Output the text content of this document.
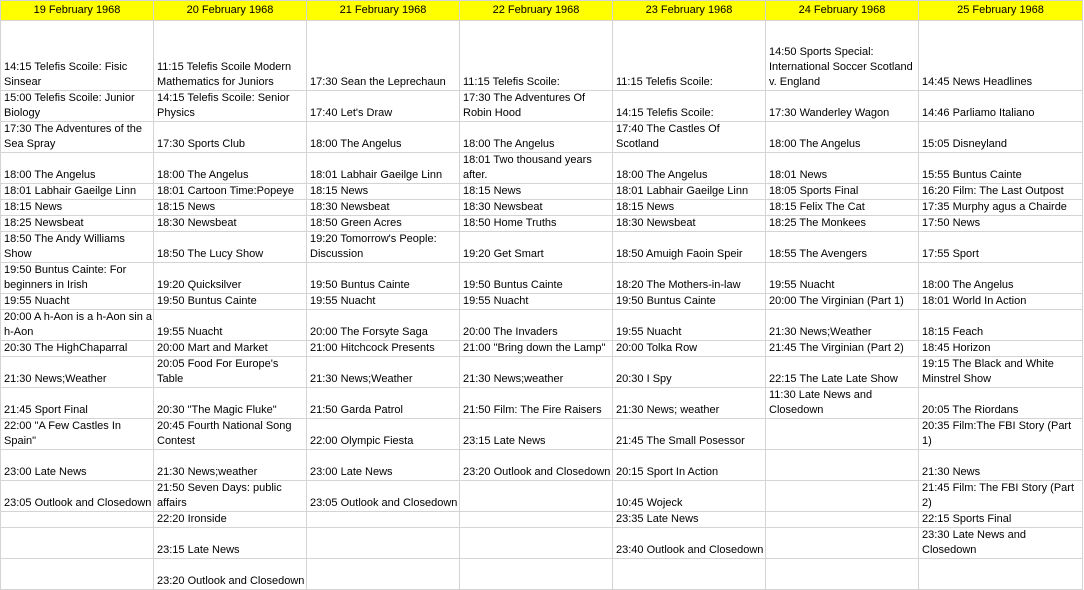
19 February 1968	20 February 1968	21 February 1968	22 February 1968	23 February 1968	24 February 1968	25 February 1968
14:15 Telefis Scoile: Fisic Sinsear	11:15 Telefis Scoile Modern Mathematics for Juniors	17:30 Sean the Leprechaun	11:15 Telefis Scoile:	11:15 Telefis Scoile:	14:50 Sports Special: International Soccer Scotland v. England	14:45 News Headlines
15:00 Telefis Scoile: Junior Biology	14:15 Telefis Scoile: Senior Physics	17:40 Let's Draw	17:30 The Adventures Of Robin Hood	14:15 Telefis Scoile:	17:30 Wanderley Wagon	14:46 Parliamo Italiano
17:30 The Adventures of the Sea Spray	17:30 Sports Club	18:00 The Angelus	18:00 The Angelus	17:40 The Castles Of Scotland	18:00 The Angelus	15:05 Disneyland
18:00 The Angelus	18:00 The Angelus	18:01 Labhair Gaeilge Linn	18:01 Two thousand years after.	18:00 The Angelus	18:01 News	15:55 Buntus Cainte
18:01 Labhair Gaeilge Linn	18:01 Cartoon Time:Popeye	18:15 News	18:15 News	18:01 Labhair Gaeilge Linn	18:05 Sports Final	16:20 Film: The Last Outpost
18:15 News	18:15 News	18:30 Newsbeat	18:30 Newsbeat	18:15 News	18:15 Felix The Cat	17:35 Murphy agus a Chairde
18:25 Newsbeat	18:30 Newsbeat	18:50 Green Acres	18:50 Home Truths	18:30 Newsbeat	18:25 The Monkees	17:50 News
18:50 The Andy Williams Show	18:50 The Lucy Show	19:20 Tomorrow's People: Discussion	19:20 Get Smart	18:50 Amuigh Faoin Speir	18:55 The Avengers	17:55 Sport
19:50 Buntus Cainte: For beginners in Irish	19:20 Quicksilver	19:50 Buntus Cainte	19:50 Buntus Cainte	18:20 The Mothers-in-law	19:55 Nuacht	18:00 The Angelus
19:55 Nuacht	19:50 Buntus Cainte	19:55 Nuacht	19:55 Nuacht	19:50 Buntus Cainte	20:00 The Virginian (Part 1)	18:01 World In Action
20:00 A h-Aon is a h-Aon sin a h-Aon	19:55 Nuacht	20:00 The Forsyte Saga	20:00 The Invaders	19:55 Nuacht	21:30 News;Weather	18:15 Feach
20:30 The HighChaparral	20:00 Mart and Market	21:00 Hitchcock Presents	21:00 "Bring down the Lamp"	20:00 Tolka Row	21:45 The Virginian (Part 2)	18:45 Horizon
21:30 News;Weather	20:05 Food For Europe's Table	21:30 News;Weather	21:30 News;weather	20:30 I Spy	22:15 The Late Late Show	19:15 The Black and White Minstrel Show
21:45 Sport Final	20:30 "The Magic Fluke"	21:50 Garda Patrol	21:50 Film: The Fire Raisers	21:30 News; weather	11:30 Late News and Closedown	20:05 The Riordans
22:00 "A Few Castles In Spain"	20:45 Fourth National Song Contest	22:00 Olympic Fiesta	23:15 Late News	21:45 The Small Posessor		20:35 Film:The FBI Story (Part 1)
23:00 Late News	21:30 News;weather	23:00 Late News	23:20 Outlook and Closedown	20:15 Sport In Action		21:30 News
23:05 Outlook and Closedown	21:50 Seven Days: public affairs	23:05 Outlook and Closedown		10:45 Wojeck		21:45 Film: The FBI Story (Part 2)
	22:20 Ironside			23:35 Late News		22:15 Sports Final
	23:15 Late News			23:40 Outlook and Closedown		23:30 Late News and Closedown
	23:20 Outlook and Closedown					
